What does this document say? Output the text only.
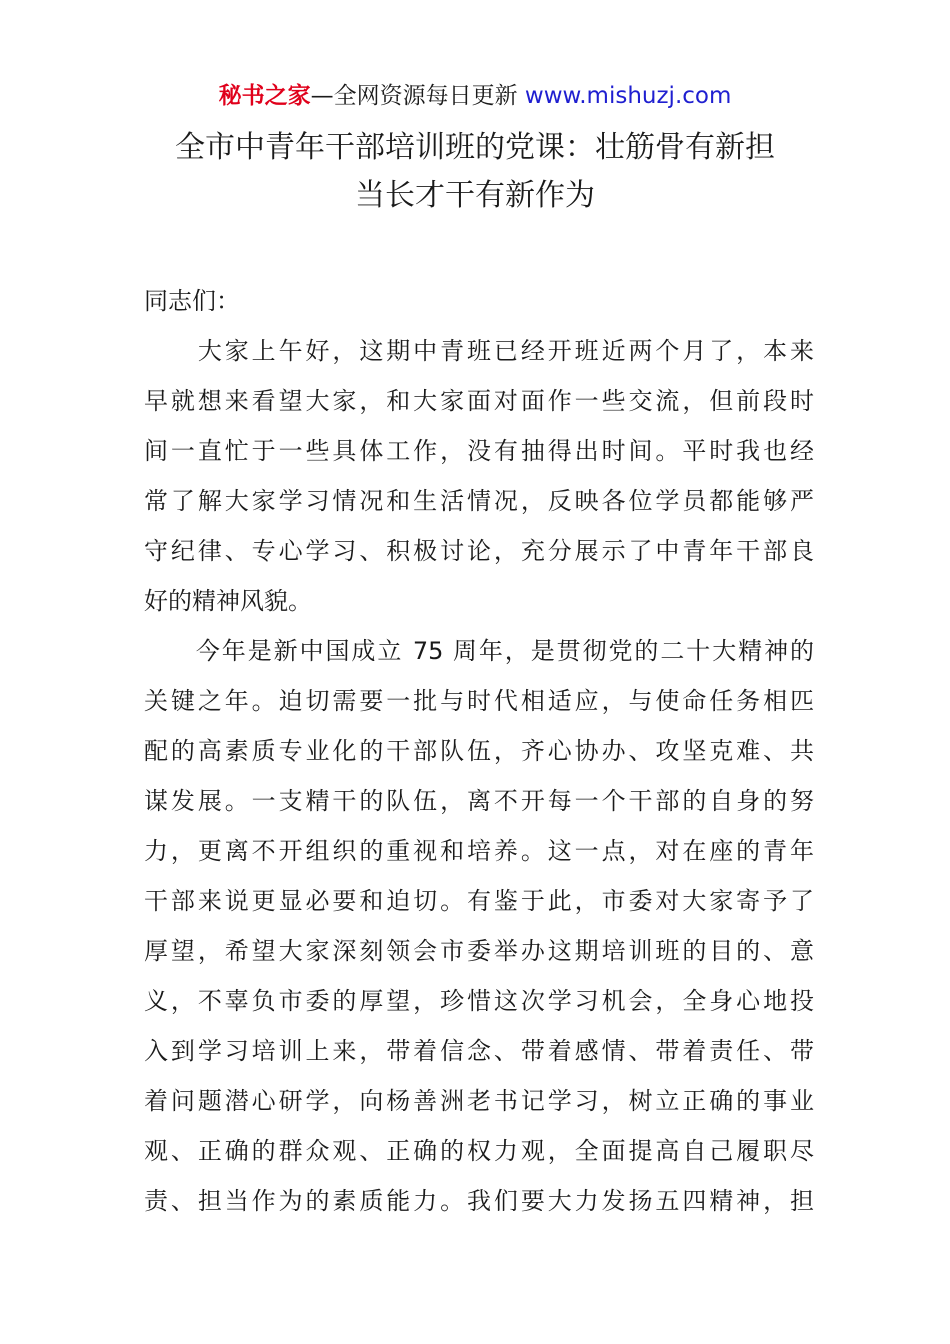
秘书之家—全网资源每日更新 www.mishuzj.com
全市中青年干部培训班的党课：壮筋骨有新担
当长才干有新作为
同志们：
　　大家上午好，这期中青班已经开班近两个月了，本来
早就想来看望大家，和大家面对面作一些交流，但前段时
间一直忙于一些具体工作，没有抽得出时间。平时我也经
常了解大家学习情况和生活情况，反映各位学员都能够严
守纪律、专心学习、积极讨论，充分展示了中青年干部良
好的精神风貌。
　　今年是新中国成立 75 周年，是贯彻党的二十大精神的
关键之年。迫切需要一批与时代相适应，与使命任务相匹
配的高素质专业化的干部队伍，齐心协办、攻坚克难、共
谋发展。一支精干的队伍，离不开每一个干部的自身的努
力，更离不开组织的重视和培养。这一点，对在座的青年
干部来说更显必要和迫切。有鉴于此，市委对大家寄予了
厚望，希望大家深刻领会市委举办这期培训班的目的、意
义，不辜负市委的厚望，珍惜这次学习机会，全身心地投
入到学习培训上来，带着信念、带着感情、带着责任、带
着问题潜心研学，向杨善洲老书记学习，树立正确的事业
观、正确的群众观、正确的权力观，全面提高自己履职尽
责、担当作为的素质能力。我们要大力发扬五四精神，担
